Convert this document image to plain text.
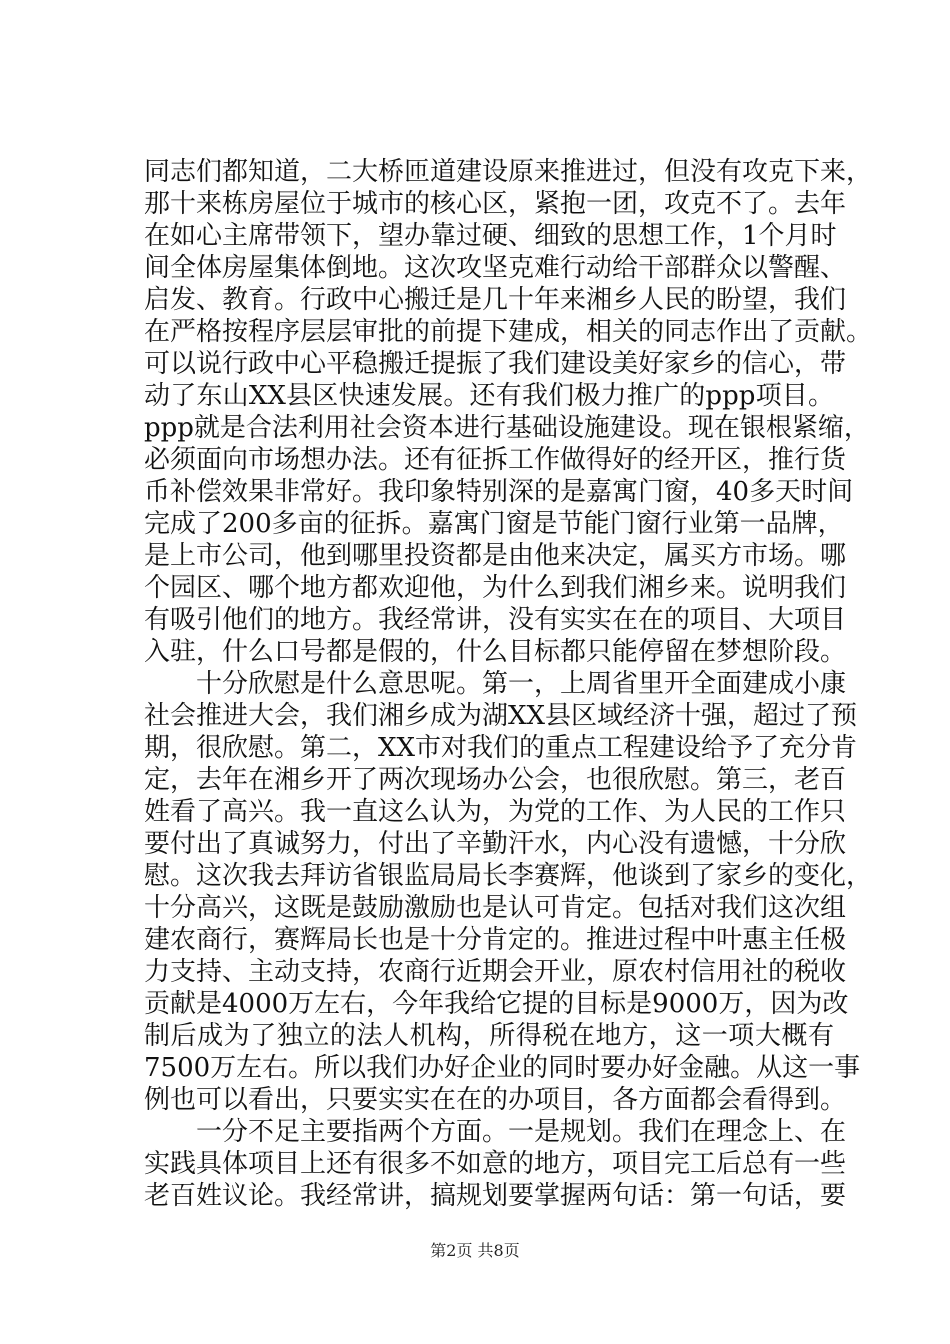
同志们都知道，二大桥匝道建设原来推进过，但没有攻克下来，
那十来栋房屋位于城市的核心区，紧抱一团，攻克不了。去年
在如心主席带领下，望办靠过硬、细致的思想工作，1个月时
间全体房屋集体倒地。这次攻坚克难行动给干部群众以警醒、
启发、教育。行政中心搬迁是几十年来湘乡人民的盼望，我们
在严格按程序层层审批的前提下建成，相关的同志作出了贡献。
可以说行政中心平稳搬迁提振了我们建设美好家乡的信心，带
动了东山XX县区快速发展。还有我们极力推广的ppp项目。
ppp就是合法利用社会资本进行基础设施建设。现在银根紧缩，
必须面向市场想办法。还有征拆工作做得好的经开区，推行货
币补偿效果非常好。我印象特别深的是嘉寓门窗，40多天时间
完成了200多亩的征拆。嘉寓门窗是节能门窗行业第一品牌，
是上市公司，他到哪里投资都是由他来决定，属买方市场。哪
个园区、哪个地方都欢迎他，为什么到我们湘乡来。说明我们
有吸引他们的地方。我经常讲，没有实实在在的项目、大项目
入驻，什么口号都是假的，什么目标都只能停留在梦想阶段。
十分欣慰是什么意思呢。第一，上周省里开全面建成小康
社会推进大会，我们湘乡成为湖XX县区域经济十强，超过了预
期，很欣慰。第二，XX市对我们的重点工程建设给予了充分肯
定，去年在湘乡开了两次现场办公会，也很欣慰。第三，老百
姓看了高兴。我一直这么认为，为党的工作、为人民的工作只
要付出了真诚努力，付出了辛勤汗水，内心没有遗憾，十分欣
慰。这次我去拜访省银监局局长李赛辉，他谈到了家乡的变化，
十分高兴，这既是鼓励激励也是认可肯定。包括对我们这次组
建农商行，赛辉局长也是十分肯定的。推进过程中叶惠主任极
力支持、主动支持，农商行近期会开业，原农村信用社的税收
贡献是4000万左右，今年我给它提的目标是9000万，因为改
制后成为了独立的法人机构，所得税在地方，这一项大概有
7500万左右。所以我们办好企业的同时要办好金融。从这一事
例也可以看出，只要实实在在的办项目，各方面都会看得到。
一分不足主要指两个方面。一是规划。我们在理念上、在
实践具体项目上还有很多不如意的地方，项目完工后总有一些
老百姓议论。我经常讲，搞规划要掌握两句话：第一句话，要
第2页 共8页
